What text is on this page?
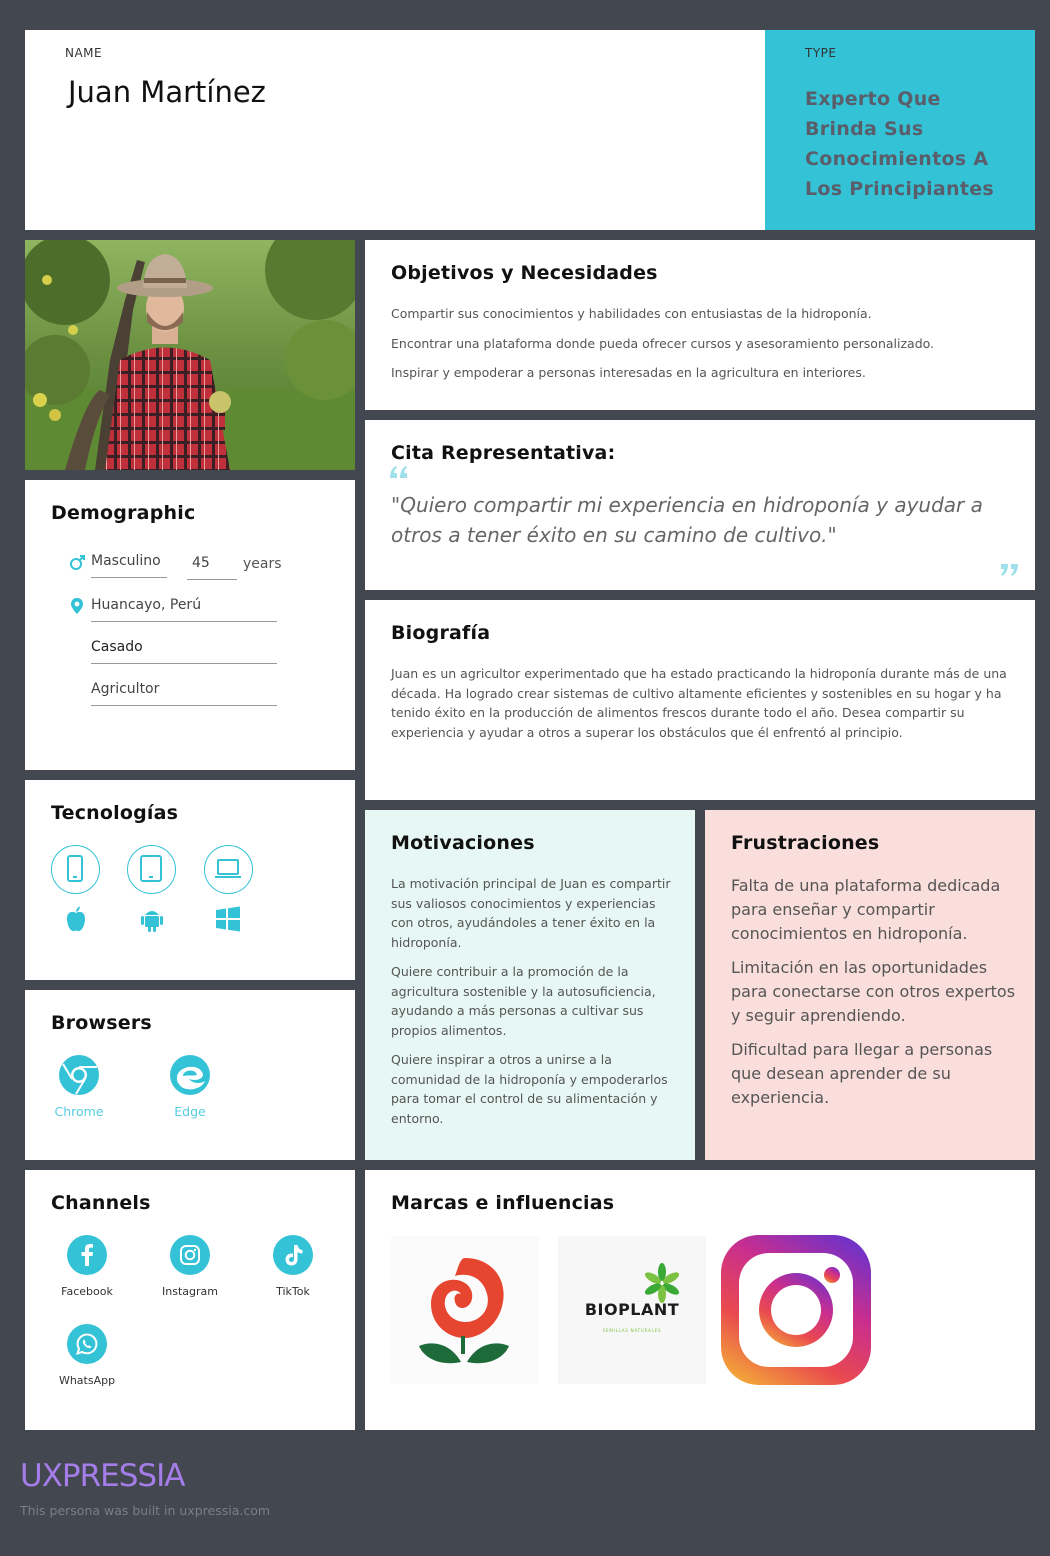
NAME
Juan Martínez
TYPE
Experto Que Brinda Sus Conocimientos A Los Principiantes
Demographic
Masculino	45	years
Huancayo, Perú
Casado
Agricultor
Tecnologías
Browsers
Chrome	Edge
Channels
Facebook	Instagram	TikTok
WhatsApp
Objetivos y Necesidades

Compartir sus conocimientos y habilidades con entusiastas de la hidroponía.

Encontrar una plataforma donde pueda ofrecer cursos y asesoramiento personalizado.

Inspirar y empoderar a personas interesadas en la agricultura en interiores.

Cita Representativa:
"Quiero compartir mi experiencia en hidroponía y ayudar a otros a tener éxito en su camino de cultivo."
Biografía
Juan es un agricultor experimentado que ha estado practicando la hidroponía durante más de una década. Ha logrado crear sistemas de cultivo altamente eficientes y sostenibles en su hogar y ha tenido éxito en la producción de alimentos frescos durante todo el año. Desea compartir su experiencia y ayudar a otros a superar los obstáculos que él enfrentó al principio.
Motivaciones

La motivación principal de Juan es compartir sus valiosos conocimientos y experiencias con otros, ayudándoles a tener éxito en la hidroponía.

Quiere contribuir a la promoción de la agricultura sostenible y la autosuficiencia, ayudando a más personas a cultivar sus propios alimentos.

Quiere inspirar a otros a unirse a la comunidad de la hidroponía y empoderarlos para tomar el control de su alimentación y entorno.

Frustraciones

Falta de una plataforma dedicada para enseñar y compartir conocimientos en hidroponía.

Limitación en las oportunidades para conectarse con otros expertos y seguir aprendiendo.

Dificultad para llegar a personas que desean aprender de su experiencia.

Marcas e influencias
BIOPLANT
SEMILLAS NATURALES
UXPRESSIA
This persona was built in uxpressia.com
